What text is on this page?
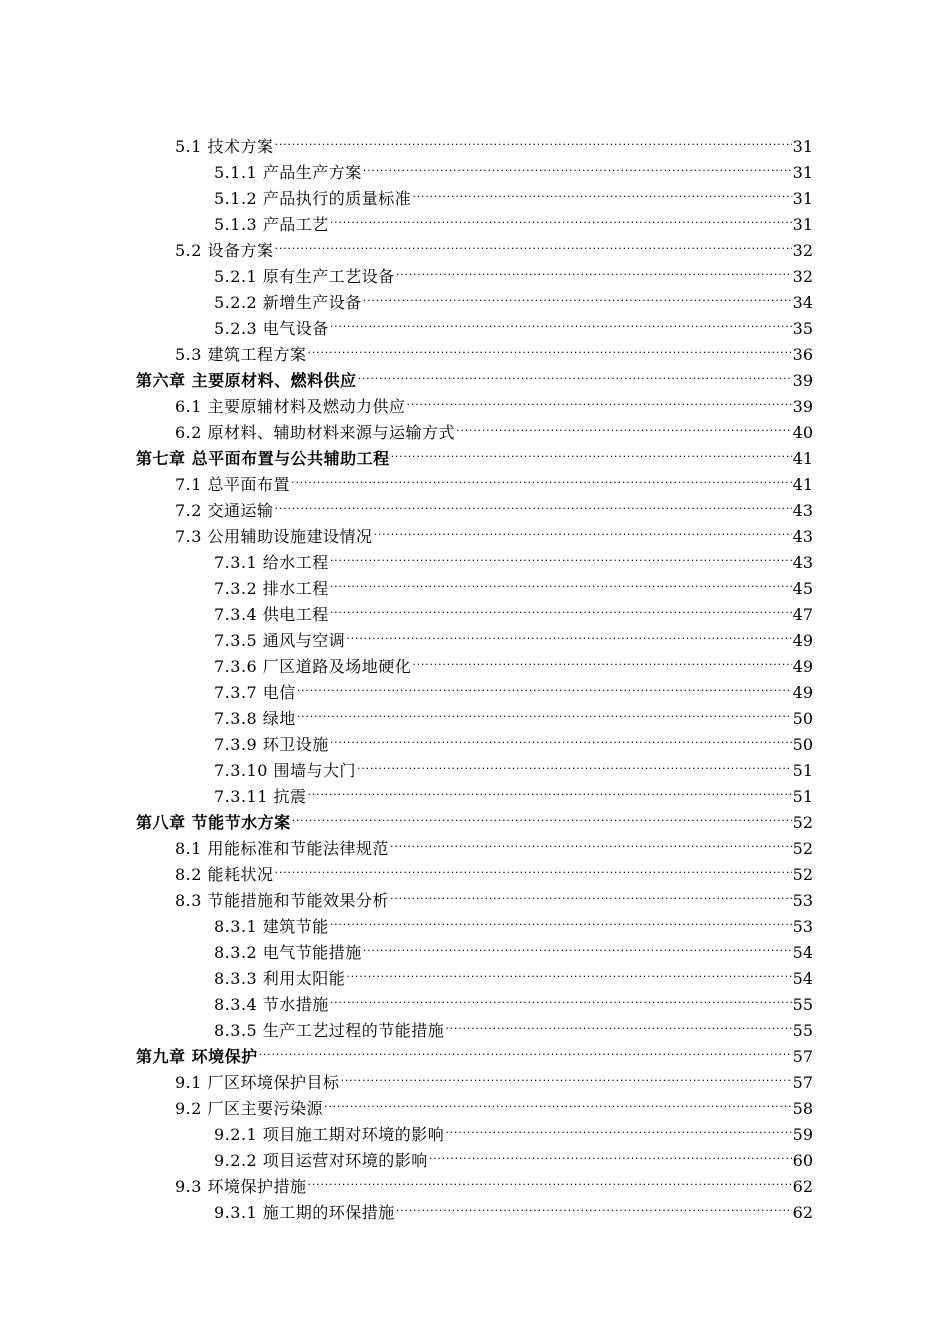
5.1 技术方案 .....	31
5.1.1 产品生产方案 .....	31
5.1.2 产品执行的质量标准 .....	31
5.1.3 产品工艺 .....	31
5.2 设备方案 .....	32
5.2.1 原有生产工艺设备 .....	32
5.2.2 新增生产设备 .....	34
5.2.3 电气设备 .....	35
5.3 建筑工程方案 .....	36
第六章 主要原材料、燃料供应 .....	39
6.1 主要原辅材料及燃动力供应 .....	39
6.2 原材料、辅助材料来源与运输方式 .....	40
第七章 总平面布置与公共辅助工程 .....	41
7.1 总平面布置 .....	41
7.2 交通运输 .....	43
7.3 公用辅助设施建设情况 .....	43
7.3.1 给水工程 .....	43
7.3.2 排水工程 .....	45
7.3.4 供电工程 .....	47
7.3.5 通风与空调 .....	49
7.3.6 厂区道路及场地硬化 .....	49
7.3.7 电信 .....	49
7.3.8 绿地 .....	50
7.3.9 环卫设施 .....	50
7.3.10 围墙与大门 .....	51
7.3.11 抗震 .....	51
第八章 节能节水方案 .....	52
8.1 用能标准和节能法律规范 .....	52
8.2 能耗状况 .....	52
8.3 节能措施和节能效果分析 .....	53
8.3.1 建筑节能 .....	53
8.3.2 电气节能措施 .....	54
8.3.3 利用太阳能 .....	54
8.3.4 节水措施 .....	55
8.3.5 生产工艺过程的节能措施 .....	55
第九章 环境保护 .....	57
9.1 厂区环境保护目标 .....	57
9.2 厂区主要污染源 .....	58
9.2.1 项目施工期对环境的影响 .....	59
9.2.2 项目运营对环境的影响 .....	60
9.3 环境保护措施 .....	62
9.3.1 施工期的环保措施 .....	62
